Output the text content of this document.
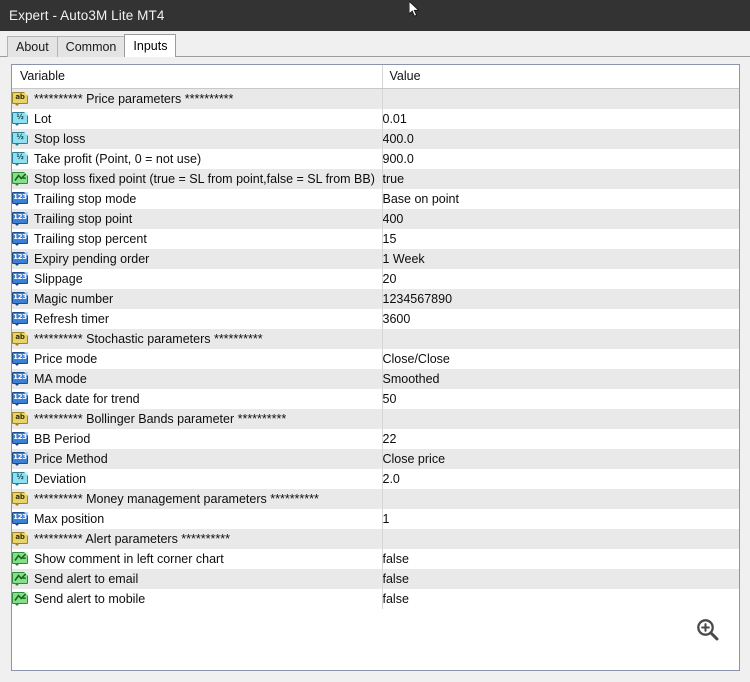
Expert - Auto3M Lite MT4
About	Common	Inputs
Variable	Value

ab ********** Price parameters **********	

½ Lot	0.01

½ Stop loss	400.0

½ Take profit (Point, 0 = not use)	900.0

Stop loss fixed point (true = SL from point,false = SL from BB)	true

123 Trailing stop mode	Base on point

123 Trailing stop point	400

123 Trailing stop percent	15

123 Expiry pending order	1 Week

123 Slippage	20

123 Magic number	1234567890

123 Refresh timer	3600

ab ********** Stochastic parameters **********	

123 Price mode	Close/Close

123 MA mode	Smoothed

123 Back date for trend	50

ab ********** Bollinger Bands parameter **********	

123 BB Period	22

123 Price Method	Close price

½ Deviation	2.0

ab ********** Money management parameters **********	

123 Max position	1

ab ********** Alert parameters **********	

Show comment in left corner chart	false

Send alert to email	false

Send alert to mobile	false
